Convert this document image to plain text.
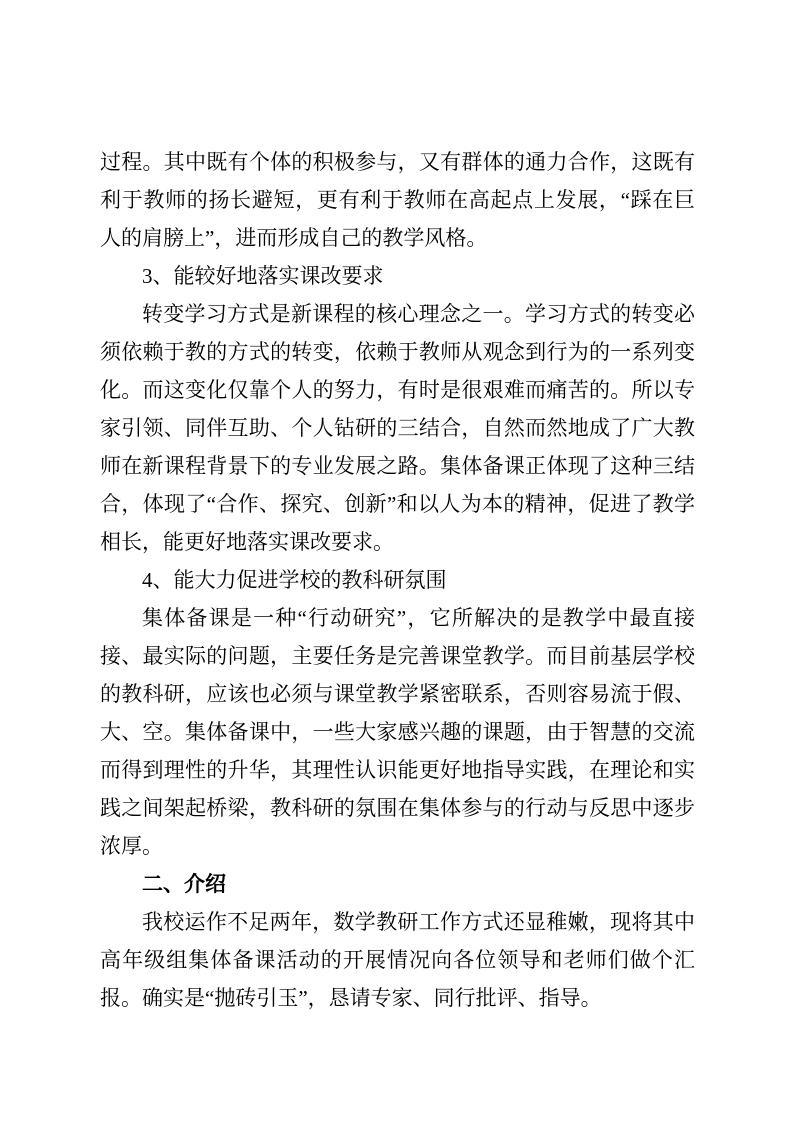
过程。其中既有个体的积极参与，又有群体的通力合作，这既有利于教师的扬长避短，更有利于教师在高起点上发展，“踩在巨人的肩膀上”，进而形成自己的教学风格。

3、能较好地落实课改要求

转变学习方式是新课程的核心理念之一。学习方式的转变必须依赖于教的方式的转变，依赖于教师从观念到行为的一系列变化。而这变化仅靠个人的努力，有时是很艰难而痛苦的。所以专家引领、同伴互助、个人钻研的三结合，自然而然地成了广大教师在新课程背景下的专业发展之路。集体备课正体现了这种三结合，体现了“合作、探究、创新”和以人为本的精神，促进了教学相长，能更好地落实课改要求。

4、能大力促进学校的教科研氛围

集体备课是一种“行动研究”，它所解决的是教学中最直接接、最实际的问题，主要任务是完善课堂教学。而目前基层学校的教科研，应该也必须与课堂教学紧密联系，否则容易流于假、大、空。集体备课中，一些大家感兴趣的课题，由于智慧的交流而得到理性的升华，其理性认识能更好地指导实践，在理论和实践之间架起桥梁，教科研的氛围在集体参与的行动与反思中逐步浓厚。

二、介绍

我校运作不足两年，数学教研工作方式还显稚嫩，现将其中高年级组集体备课活动的开展情况向各位领导和老师们做个汇报。确实是“抛砖引玉”，恳请专家、同行批评、指导。
